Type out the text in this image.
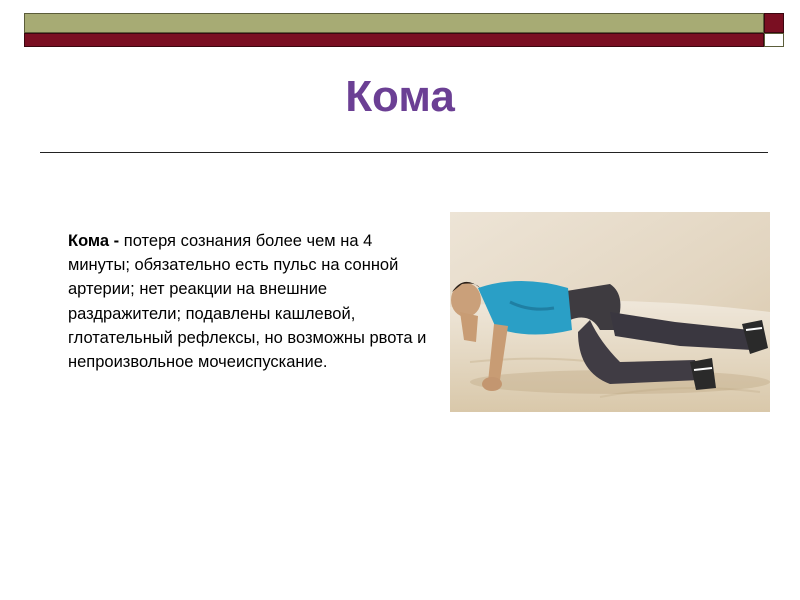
Кома
Кома - потеря сознания более чем на 4 минуты; обязательно есть пульс на сонной артерии; нет реакции на внешние раздражители; подавлены кашлевой, глотательный рефлексы, но возможны рвота и непроизвольное мочеиспускание.
